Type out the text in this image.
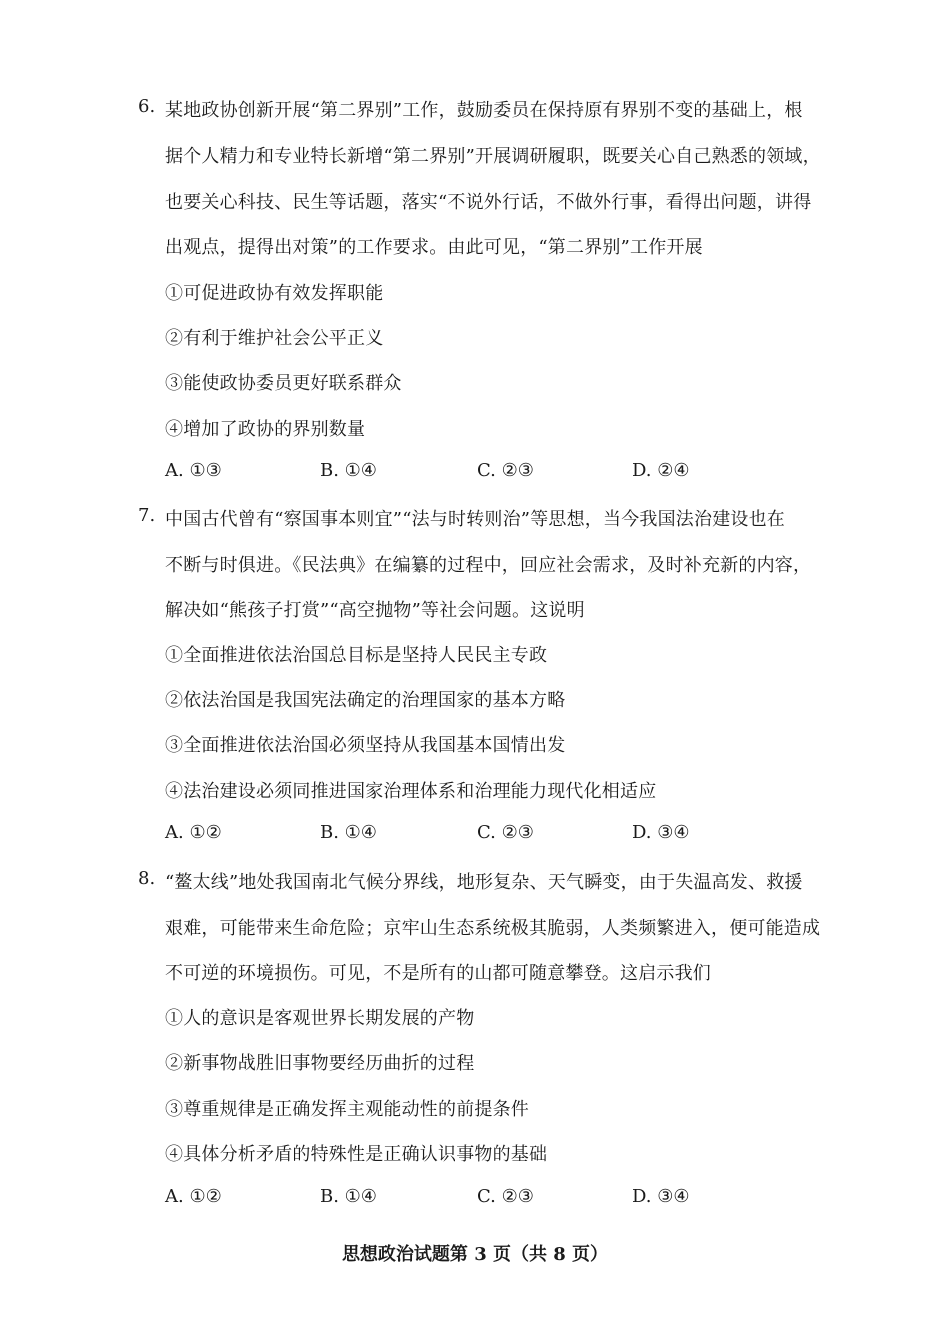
6. 某地政协创新开展“第二界别”工作，鼓励委员在保持原有界别不变的基础上，根
据个人精力和专业特长新增“第二界别”开展调研履职，既要关心自己熟悉的领域，
也要关心科技、民生等话题，落实“不说外行话，不做外行事，看得出问题，讲得
出观点，提得出对策”的工作要求。由此可见，“第二界别”工作开展
①可促进政协有效发挥职能
②有利于维护社会公平正义
③能使政协委员更好联系群众
④增加了政协的界别数量
A. ①③	B. ①④	C. ②③	D. ②④
7. 中国古代曾有“察国事本则宜”“法与时转则治”等思想，当今我国法治建设也在
不断与时俱进。《民法典》在编纂的过程中，回应社会需求，及时补充新的内容，
解决如“熊孩子打赏”“高空抛物”等社会问题。这说明
①全面推进依法治国总目标是坚持人民民主专政
②依法治国是我国宪法确定的治理国家的基本方略
③全面推进依法治国必须坚持从我国基本国情出发
④法治建设必须同推进国家治理体系和治理能力现代化相适应
A. ①②	B. ①④	C. ②③	D. ③④
8. “鳌太线”地处我国南北气候分界线，地形复杂、天气瞬变，由于失温高发、救援
艰难，可能带来生命危险；京牢山生态系统极其脆弱，人类频繁进入，便可能造成
不可逆的环境损伤。可见，不是所有的山都可随意攀登。这启示我们
①人的意识是客观世界长期发展的产物
②新事物战胜旧事物要经历曲折的过程
③尊重规律是正确发挥主观能动性的前提条件
④具体分析矛盾的特殊性是正确认识事物的基础
A. ①②	B. ①④	C. ②③	D. ③④
思想政治试题第 3 页（共 8 页）
